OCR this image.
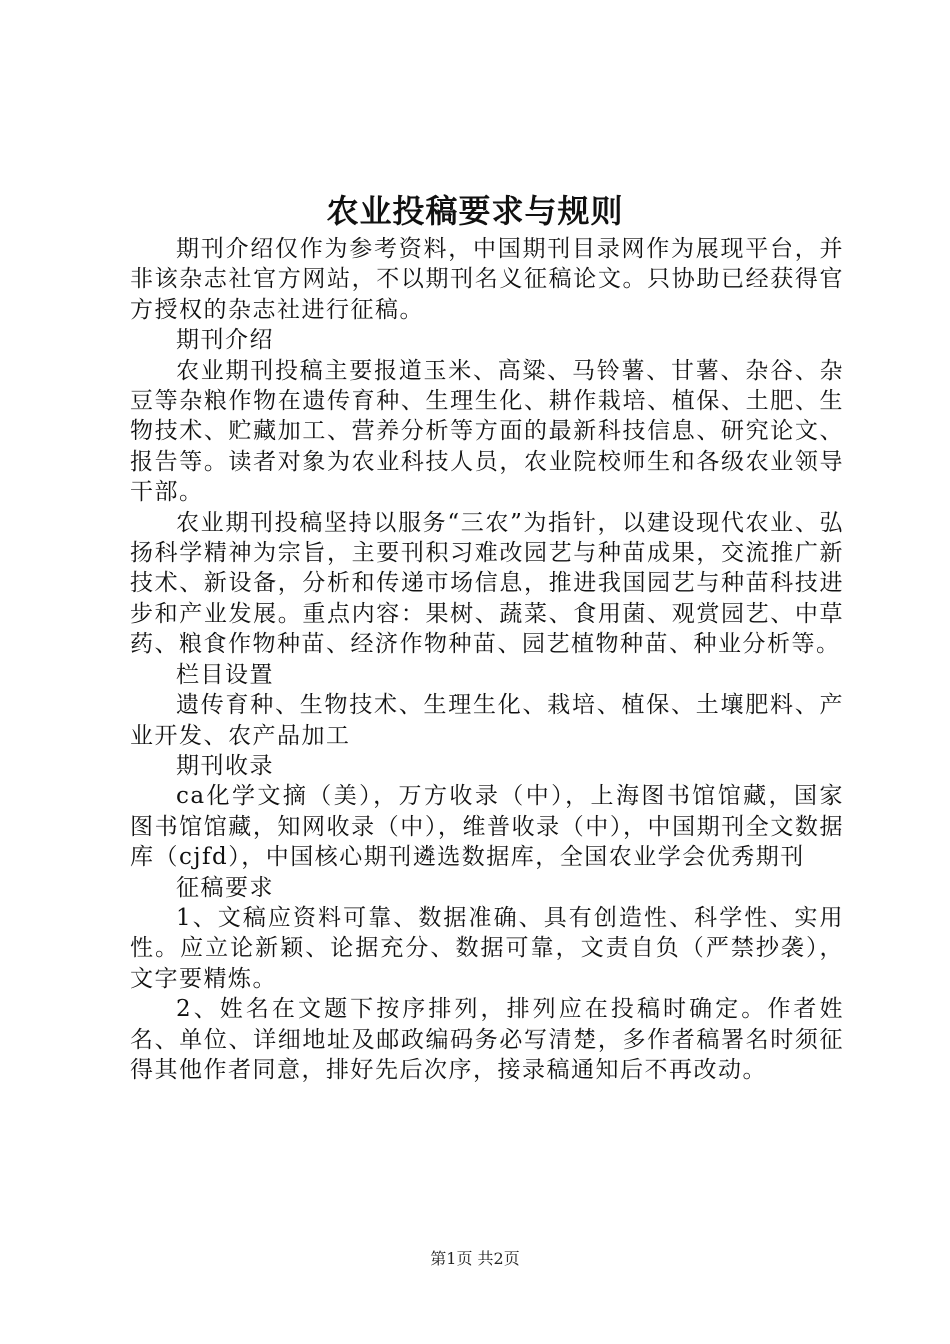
农业投稿要求与规则

期刊介绍仅作为参考资料，中国期刊目录网作为展现平台，并非该杂志社官方网站，不以期刊名义征稿论文。只协助已经获得官方授权的杂志社进行征稿。

期刊介绍

农业期刊投稿主要报道玉米、高粱、马铃薯、甘薯、杂谷、杂豆等杂粮作物在遗传育种、生理生化、耕作栽培、植保、土肥、生物技术、贮藏加工、营养分析等方面的最新科技信息、研究论文、报告等。读者对象为农业科技人员，农业院校师生和各级农业领导干部。

农业期刊投稿坚持以服务“三农”为指针，以建设现代农业、弘扬科学精神为宗旨，主要刊积习难改园艺与种苗成果，交流推广新技术、新设备，分析和传递市场信息，推进我国园艺与种苗科技进步和产业发展。重点内容：果树、蔬菜、食用菌、观赏园艺、中草药、粮食作物种苗、经济作物种苗、园艺植物种苗、种业分析等。

栏目设置

遗传育种、生物技术、生理生化、栽培、植保、土壤肥料、产业开发、农产品加工

期刊收录

ca化学文摘（美），万方收录（中），上海图书馆馆藏，国家图书馆馆藏，知网收录（中），维普收录（中），中国期刊全文数据库（cjfd），中国核心期刊遴选数据库，全国农业学会优秀期刊

征稿要求

1、文稿应资料可靠、数据准确、具有创造性、科学性、实用性。应立论新颖、论据充分、数据可靠，文责自负（严禁抄袭），文字要精炼。

2、姓名在文题下按序排列，排列应在投稿时确定。作者姓名、单位、详细地址及邮政编码务必写清楚，多作者稿署名时须征得其他作者同意，排好先后次序，接录稿通知后不再改动。

第1页 共2页
